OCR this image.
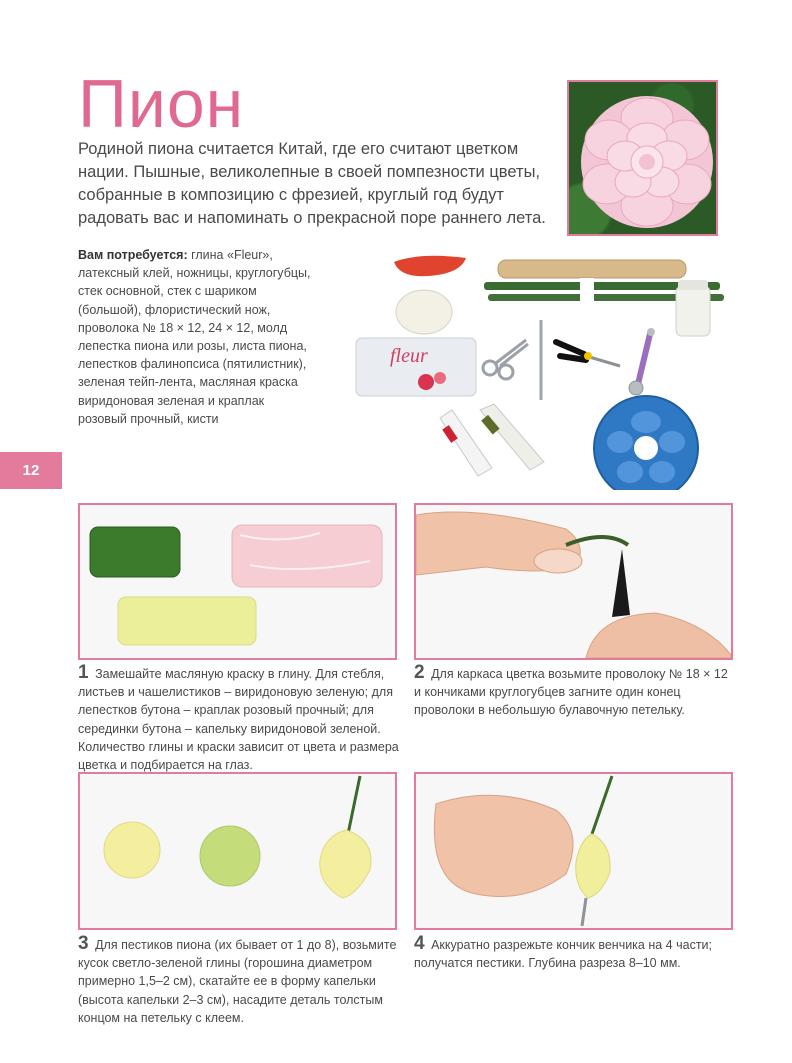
Пион
Родиной пиона считается Китай, где его считают цветком нации. Пышные, великолепные в своей помпезности цветы, собранные в композицию с фрезией, круглый год будут радовать вас и напоминать о прекрасной поре раннего лета.
Вам потребуется: глина «Fleur», латексный клей, ножницы, круглогубцы, стек основной, стек с шариком (большой), флористический нож, проволока № 18 × 12, 24 × 12, молд лепестка пиона или розы, листа пиона, лепестков фалинопсиса (пятилистник), зеленая тейп-лента, масляная краска виридоновая зеленая и краплак розовый прочный, кисти
fleur
12
1 Замешайте масляную краску в глину. Для стебля, листьев и чашелистиков – виридоновую зеленую; для лепестков бутона – краплак розовый прочный; для серединки бутона – капельку виридоновой зеленой. Количество глины и краски зависит от цвета и размера цветка и подбирается на глаз.
2 Для каркаса цветка возьмите проволоку № 18 × 12 и кончиками круглогубцев загните один конец проволоки в небольшую булавочную петельку.
3 Для пестиков пиона (их бывает от 1 до 8), возьмите кусок светло-зеленой глины (горошина диаметром примерно 1,5–2 см), скатайте ее в форму капельки (высота капельки 2–3 см), насадите деталь толстым концом на петельку с клеем.
4 Аккуратно разрежьте кончик венчика на 4 части; получатся пестики. Глубина разреза 8–10 мм.
